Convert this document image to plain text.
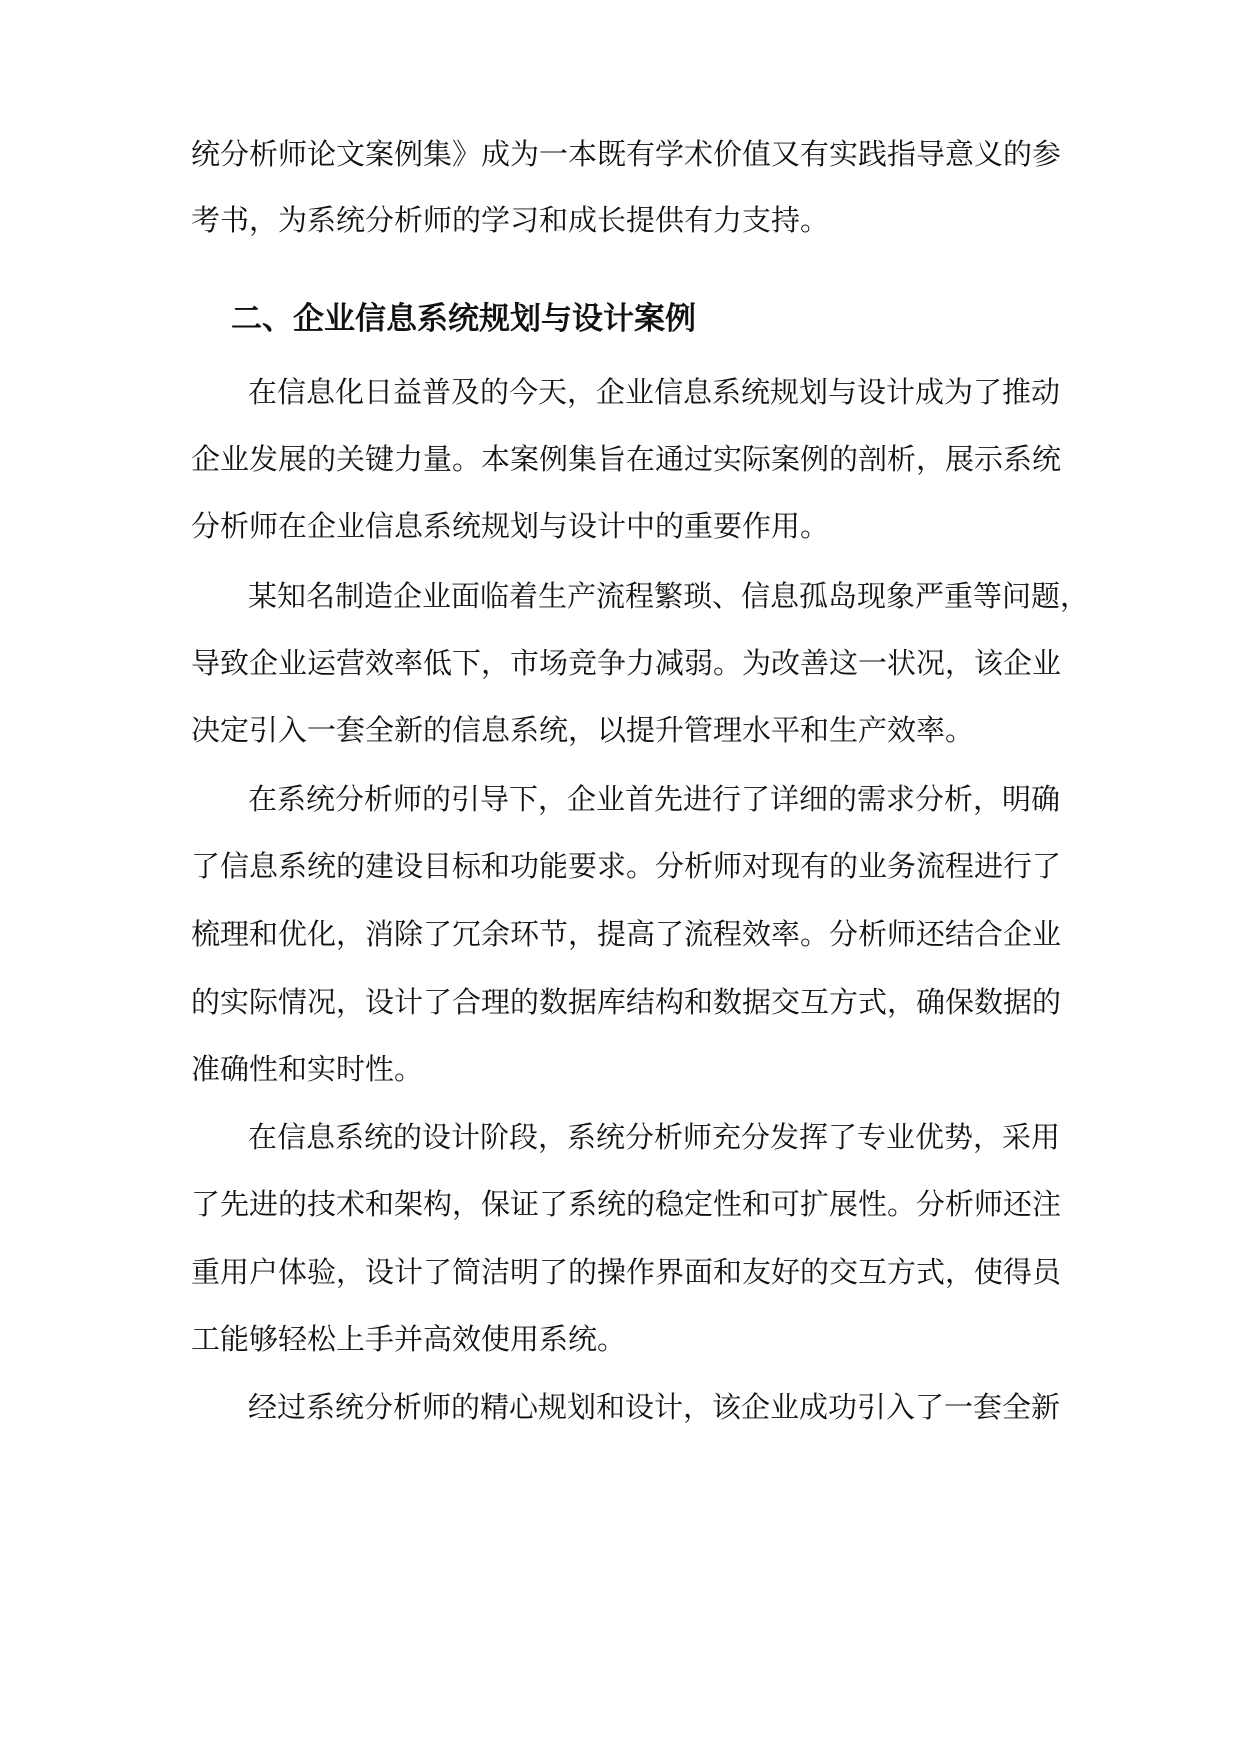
统分析师论文案例集》成为一本既有学术价值又有实践指导意义的参
考书，为系统分析师的学习和成长提供有力支持。
二、企业信息系统规划与设计案例
在信息化日益普及的今天，企业信息系统规划与设计成为了推动
企业发展的关键力量。本案例集旨在通过实际案例的剖析，展示系统
分析师在企业信息系统规划与设计中的重要作用。
某知名制造企业面临着生产流程繁琐、信息孤岛现象严重等问题，
导致企业运营效率低下，市场竞争力减弱。为改善这一状况，该企业
决定引入一套全新的信息系统，以提升管理水平和生产效率。
在系统分析师的引导下，企业首先进行了详细的需求分析，明确
了信息系统的建设目标和功能要求。分析师对现有的业务流程进行了
梳理和优化，消除了冗余环节，提高了流程效率。分析师还结合企业
的实际情况，设计了合理的数据库结构和数据交互方式，确保数据的
准确性和实时性。
在信息系统的设计阶段，系统分析师充分发挥了专业优势，采用
了先进的技术和架构，保证了系统的稳定性和可扩展性。分析师还注
重用户体验，设计了简洁明了的操作界面和友好的交互方式，使得员
工能够轻松上手并高效使用系统。
经过系统分析师的精心规划和设计，该企业成功引入了一套全新
